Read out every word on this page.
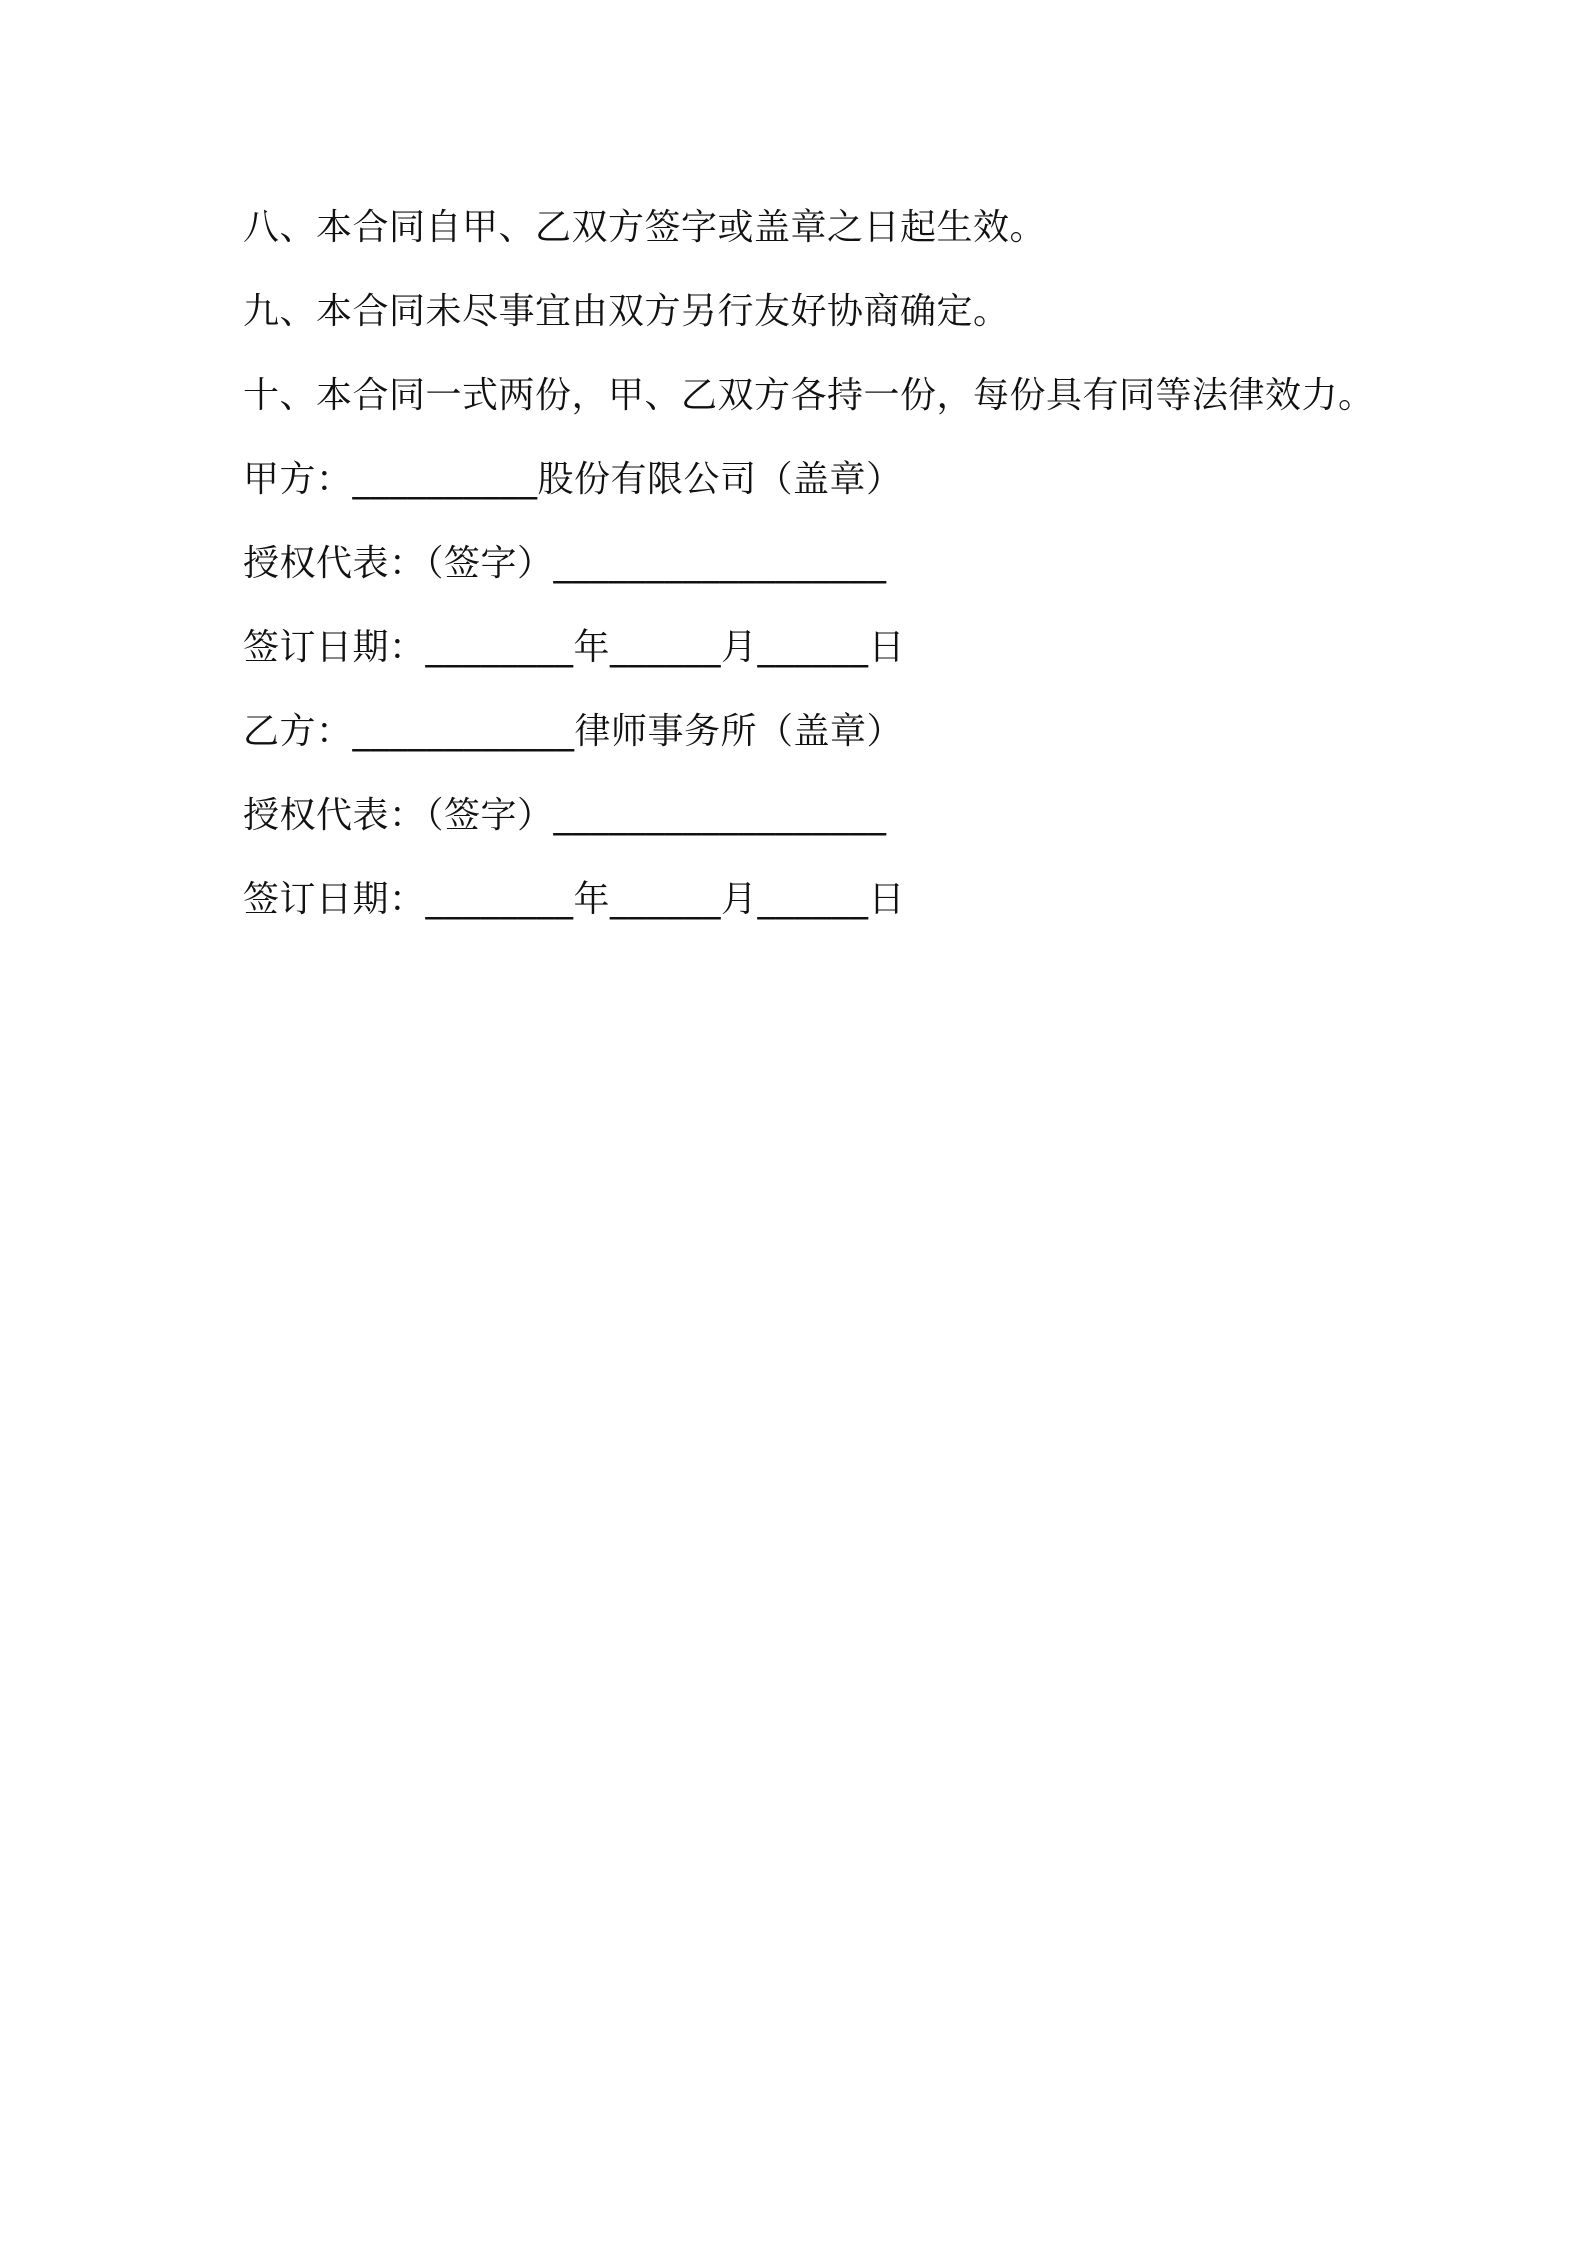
八、本合同自甲、乙双方签字或盖章之日起生效。
九、本合同未尽事宜由双方另行友好协商确定。
十、本合同一式两份，甲、乙双方各持一份，每份具有同等法律效力。
甲方：__________股份有限公司（盖章）
授权代表：（签字）__________________
签订日期：________年______月______日
乙方：____________律师事务所（盖章）
授权代表：（签字）__________________
签订日期：________年______月______日
